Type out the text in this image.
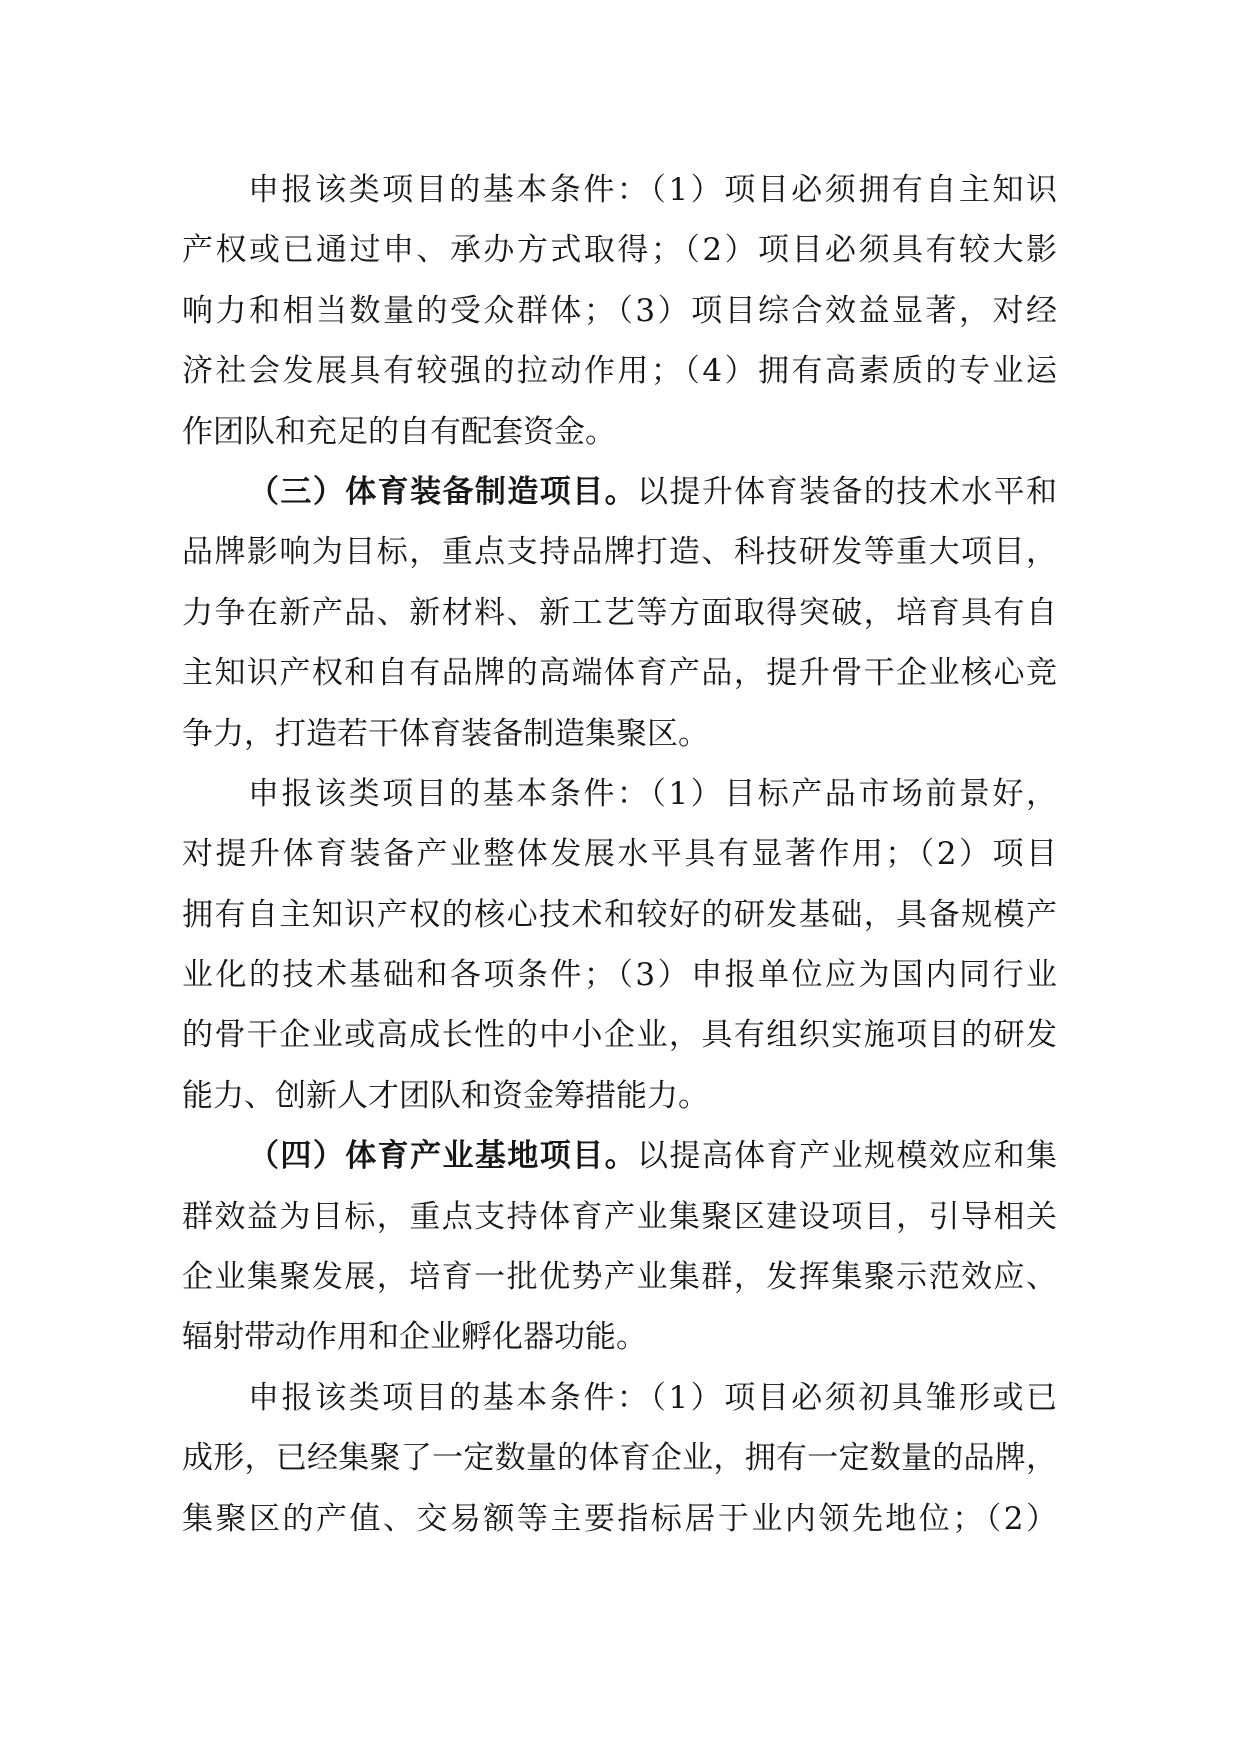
申报该类项目的基本条件：（1）项目必须拥有自主知识
产权或已通过申、承办方式取得；（2）项目必须具有较大影
响力和相当数量的受众群体；（3）项目综合效益显著，对经
济社会发展具有较强的拉动作用；（4）拥有高素质的专业运
作团队和充足的自有配套资金。
（三）体育装备制造项目。以提升体育装备的技术水平和
品牌影响为目标，重点支持品牌打造、科技研发等重大项目，
力争在新产品、新材料、新工艺等方面取得突破，培育具有自
主知识产权和自有品牌的高端体育产品，提升骨干企业核心竞
争力，打造若干体育装备制造集聚区。
申报该类项目的基本条件：（1）目标产品市场前景好，
对提升体育装备产业整体发展水平具有显著作用；（2）项目
拥有自主知识产权的核心技术和较好的研发基础，具备规模产
业化的技术基础和各项条件；（3）申报单位应为国内同行业
的骨干企业或高成长性的中小企业，具有组织实施项目的研发
能力、创新人才团队和资金筹措能力。
（四）体育产业基地项目。以提高体育产业规模效应和集
群效益为目标，重点支持体育产业集聚区建设项目，引导相关
企业集聚发展，培育一批优势产业集群，发挥集聚示范效应、
辐射带动作用和企业孵化器功能。
申报该类项目的基本条件：（1）项目必须初具雏形或已
成形，已经集聚了一定数量的体育企业，拥有一定数量的品牌，
集聚区的产值、交易额等主要指标居于业内领先地位；（2）
